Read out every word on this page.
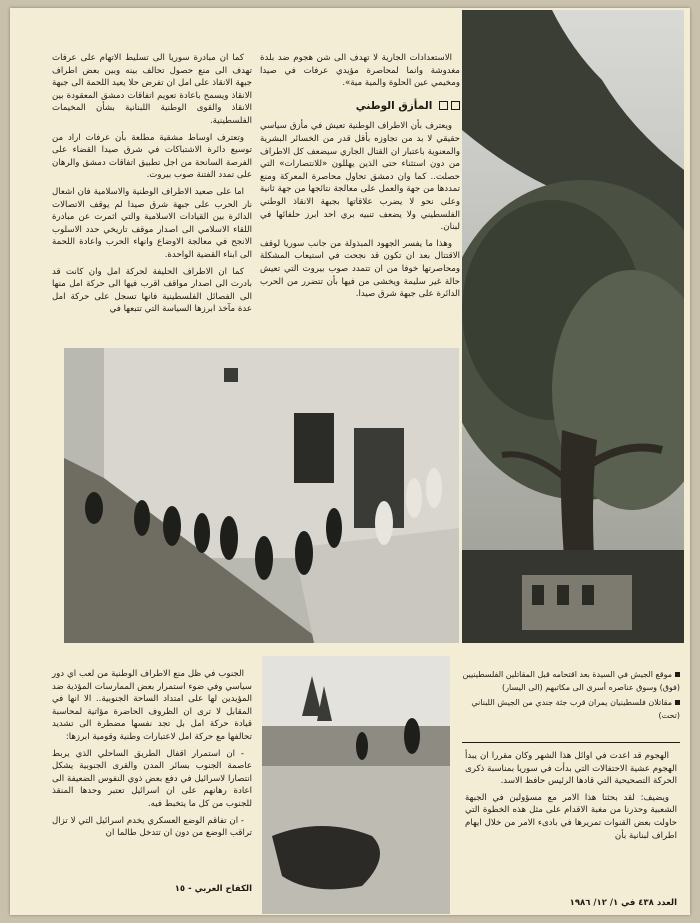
الاستعدادات الجارية لا تهدف الى شن هجوم ضد بلدة مغدوشة وانما لمحاصرة مؤيدي عرفات في صيدا ومخيمي عين الحلوة والمية مية».

المأزق الوطني

ويعترف بأن الاطراف الوطنية تعيش في مأزق سياسي حقيقي لا بد من تجاوزه بأقل قدر من الخسائر البشرية والمعنوية باعتبار ان القتال الجاري سيضعف كل الاطراف من دون استثناء حتى الذين يهللون «للانتصارات» التي حصلت.. كما وان دمشق تحاول محاصرة المعركة ومنع تمددها من جهة والعمل على معالجة نتائجها من جهة ثانية وعلى نحو لا يضرب علاقاتها بجبهة الانقاذ الوطني الفلسطيني ولا يضعف تنبيه بري احد ابرز حلفائها في لبنان.

وهذا ما يفسر الجهود المبذولة من جانب سوريا لوقف الاقتتال بعد ان تكون قد نجحت في استيعاب المشكلة ومحاصرتها خوفا من ان تتمدد صوب بيروت التي تعيش حالة غير سليمة ويخشى من فيها بأن تتضرر من الحرب الدائرة على جبهة شرق صيدا.

كما ان مبادرة سوريا الى تسليط الاتهام على عرفات تهدف الى منع حصول تحالف بينه وبين بعض اطراف جبهة الانقاذ على امل ان تفرض حلا يعيد اللحمة الى جبهة الانقاذ ويسمح باعادة تعويم اتفاقات دمشق المعقودة بين الانقاذ والقوى الوطنية اللبنانية بشأن المخيمات الفلسطينية.

وتعترف اوساط مشقية مطلعة بأن عرفات اراد من توسيع دائرة الاشتباكات في شرق صيدا القضاء على الفرصة السانحة من اجل تطبيق اتفاقات دمشق والرهان على تمدد الفتنة صوب بيروت.

اما على صعيد الاطراف الوطنية والاسلامية فان اشعال نار الحرب على جبهة شرق صيدا لم يوقف الاتصالات الدائرة بين القيادات الاسلامية والتي اثمرت عن مبادرة اللقاء الاسلامي الى اصدار موقف تاريخي حدد الاسلوب الانجح في معالجة الاوضاع وانهاء الحرب واعادة اللحمة الى ابناء القضية الواحدة.

كما ان الاطراف الحليفة لحركة امل وان كانت قد بادرت الى اصدار مواقف اقرب فيها الى حركة امل منها الى الفصائل الفلسطينية فانها تسجل على حركة امل عدة مآخذ ابرزها السياسة التي تتبعها في

موقع الجيش في السيدة بعد اقتحامه قبل المقاتلين الفلسطينيين (فوق) وسوق عناصره أسرى الى مكاتبهم (الى اليسار)

مقاتلان فلسطينيان يمران قرب جثة جندي من الجيش اللبناني (تحت)

الهجوم قد اعدت في اوائل هذا الشهر وكان مقررا ان يبدأ الهجوم عشية الاحتفالات التي بدأت في سوريا بمناسبة ذكرى الحركة التصحيحية التي قادها الرئيس حافظ الاسد.

ويضيف: لقد بحثنا هذا الامر مع مسؤولين في الجبهة الشعبية وحذرنا من مغبة الاقدام على مثل هذه الخطوة التي حاولت بعض القنوات تمريرها في بادىء الامر من خلال ايهام اطراف لبنانية بأن

الجنوب في ظل منع الاطراف الوطنية من لعب اي دور سياسي وفي ضوء استمرار بعض الممارسات المؤذية ضد المؤيدين لها على امتداد الساحة الجنوبية.. الا انها في المقابل لا ترى ان الظروف الحاضرة مؤاتية لمحاسبة قيادة حركة امل بل تجد نفسها مضطرة الى تشديد تحالفها مع حركة امل لاعتبارات وطنية وقومية ابرزها:

- ان استمرار اقفال الطريق الساحلي الذي يربط عاصمة الجنوب بسائر المدن والقرى الجنوبية يشكل انتصارا لاسرائيل في دفع بعض ذوي النفوس الضعيفة الى اعادة رهانهم على ان اسرائيل تعتبر وحدها المنقذ للجنوب من كل ما يتخبط فيه.

- ان تفاقم الوضع العسكري يخدم اسرائيل التي لا تزال تراقب الوضع من دون ان تتدخل طالما ان

الكفاح العربي - ١٥
العدد ٤٣٨ في ١/ ١٢/ ١٩٨٦
